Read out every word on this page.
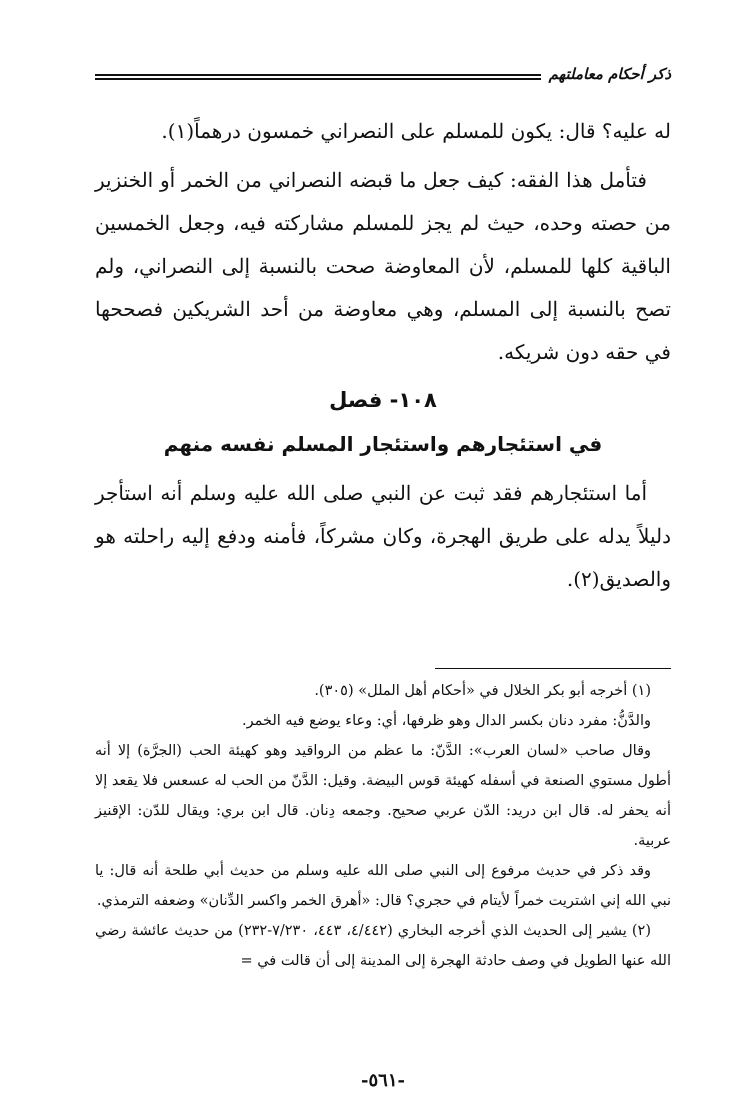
ذكر أحكام معاملتهم

له عليه؟ قال: يكون للمسلم على النصراني خمسون درهماً(١).

فتأمل هذا الفقه: كيف جعل ما قبضه النصراني من الخمر أو الخنزير من حصته وحده، حيث لم يجز للمسلم مشاركته فيه، وجعل الخمسين الباقية كلها للمسلم، لأن المعاوضة صحت بالنسبة إلى النصراني، ولم تصح بالنسبة إلى المسلم، وهي معاوضة من أحد الشريكين فصححها في حقه دون شريكه.

١٠٨- فصل
في استئجارهم واستئجار المسلم نفسه منهم

أما استئجارهم فقد ثبت عن النبي صلى الله عليه وسلم أنه استأجر دليلاً يدله على طريق الهجرة، وكان مشركاً، فأمنه ودفع إليه راحلته هو والصديق(٢).

(١) أخرجه أبو بكر الخلال في «أحكام أهل الملل» (٣٠٥).

والدَّنُّ: مفرد دنان بكسر الدال وهو ظرفها، أي: وعاء يوضع فيه الخمر.

وقال صاحب «لسان العرب»: الدَّنّ: ما عظم من الرواقيد وهو كهيئة الحب (الجرَّة) إلا أنه أطول مستوي الصنعة في أسفله كهيئة قوس البيضة. وقيل: الدَّنّ من الحب له عسعس فلا يقعد إلا أنه يحفر له. قال ابن دريد: الدّن عربي صحيح. وجمعه دِنان. قال ابن بري: ويقال للدّن: الإقنيز عربية.

وقد ذكر في حديث مرفوع إلى النبي صلى الله عليه وسلم من حديث أبي طلحة أنه قال: يا نبي الله إني اشتريت خمراً لأيتام في حجري؟ قال: «أهرق الخمر واكسر الدِّنان» وضعفه الترمذي.

(٢) يشير إلى الحديث الذي أخرجه البخاري (٤/٤٤٢، ٤٤٣، ٧/٢٣٠-٢٣٢) من حديث عائشة رضي الله عنها الطويل في وصف حادثة الهجرة إلى المدينة إلى أن قالت في =

-٥٦١-
